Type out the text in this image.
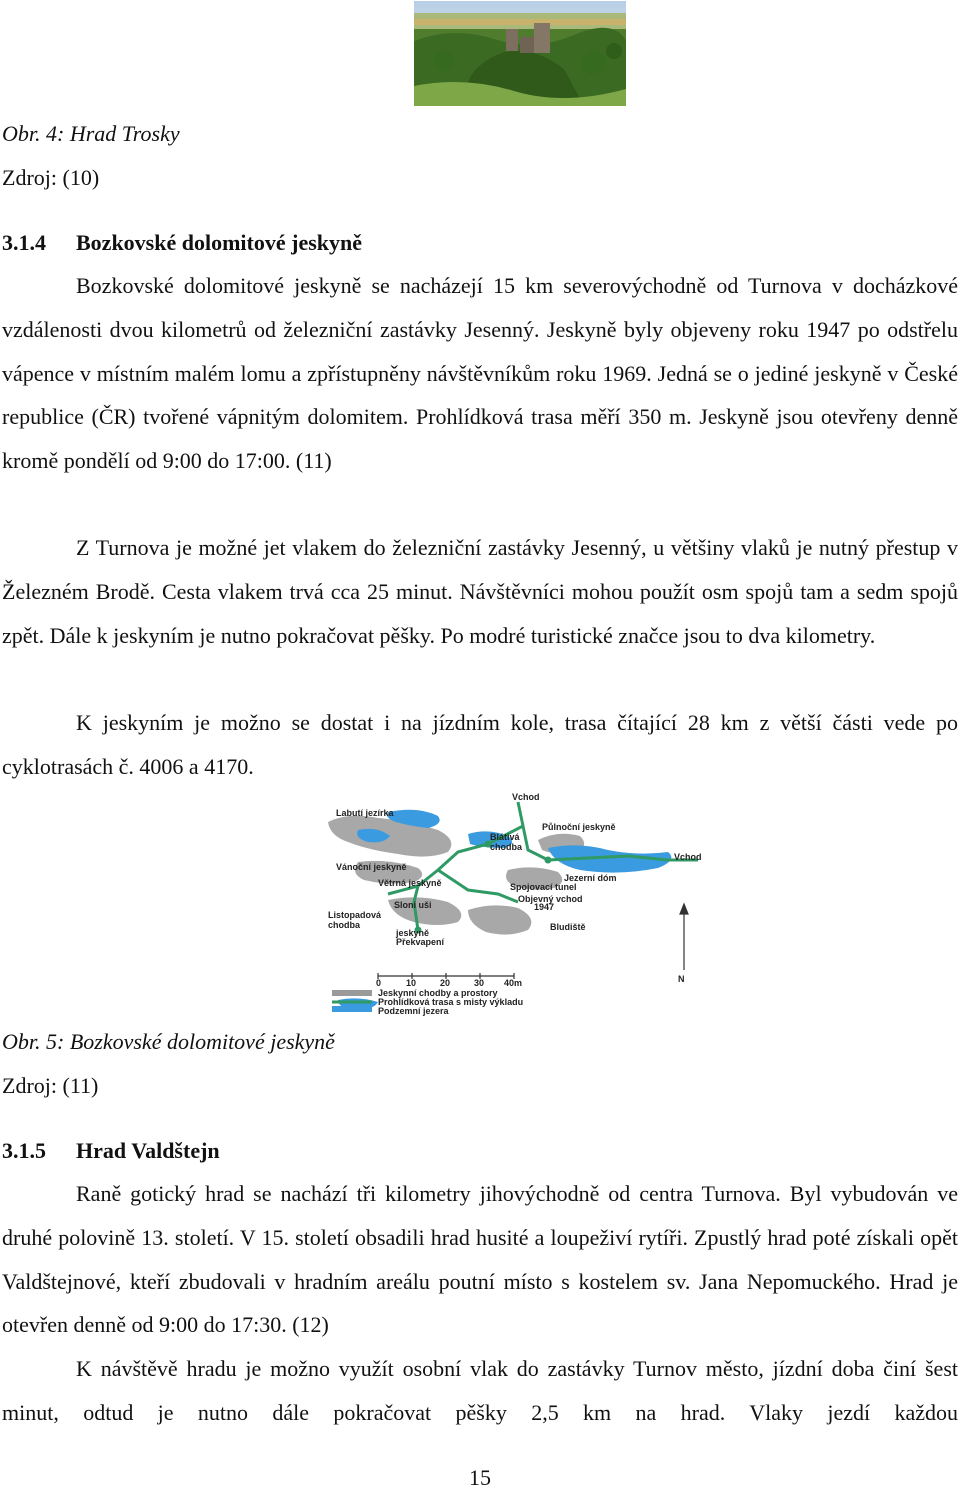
Obr. 4: Hrad Trosky
Zdroj: (10)
3.1.4 Bozkovské dolomitové jeskyně

Bozkovské dolomitové jeskyně se nacházejí 15 km severovýchodně od Turnova v docházkové vzdálenosti dvou kilometrů od železniční zastávky Jesenný. Jeskyně byly objeveny roku 1947 po odstřelu vápence v místním malém lomu a zpřístupněny návštěvníkům roku 1969. Jedná se o jediné jeskyně v České republice (ČR) tvořené vápnitým dolomitem. Prohlídková trasa měří 350 m. Jeskyně jsou otevřeny denně kromě pondělí od 9:00 do 17:00. (11)

Z Turnova je možné jet vlakem do železniční zastávky Jesenný, u většiny vlaků je nutný přestup v Železném Brodě. Cesta vlakem trvá cca 25 minut. Návštěvníci mohou použít osm spojů tam a sedm spojů zpět. Dále k jeskyním je nutno pokračovat pěšky. Po modré turistické značce jsou to dva kilometry.

K jeskyním je možno se dostat i na jízdním kole, trasa čítající 28 km z větší části vede po cyklotrasách č. 4006 a 4170.

Vchod
Labutí jezírka
Půlnoční jeskyně
Blátivá
chodba
Vchod
Vánoční jeskyně
Jezerní dóm
Větrná jeskyně	Spojovací tunel
Objevný vchod
1947
Sloní uši
Listopadová
chodba	Bludiště
jeskyně
Překvapení
N
0	10	20	30 40m
Jeskynní chodby a prostory
Prohlídková trasa s misty výkladu
Podzemní jezera
Obr. 5: Bozkovské dolomitové jeskyně
Zdroj: (11)
3.1.5 Hrad Valdštejn

Raně gotický hrad se nachází tři kilometry jihovýchodně od centra Turnova. Byl vybudován ve druhé polovině 13. století. V 15. století obsadili hrad husité a loupeživí rytíři. Zpustlý hrad poté získali opět Valdštejnové, kteří zbudovali v hradním areálu poutní místo s kostelem sv. Jana Nepomuckého. Hrad je otevřen denně od 9:00 do 17:30. (12)

K návštěvě hradu je možno využít osobní vlak do zastávky Turnov město, jízdní doba činí šest minut, odtud je nutno dále pokračovat pěšky 2,5 km na hrad. Vlaky jezdí každou

15
